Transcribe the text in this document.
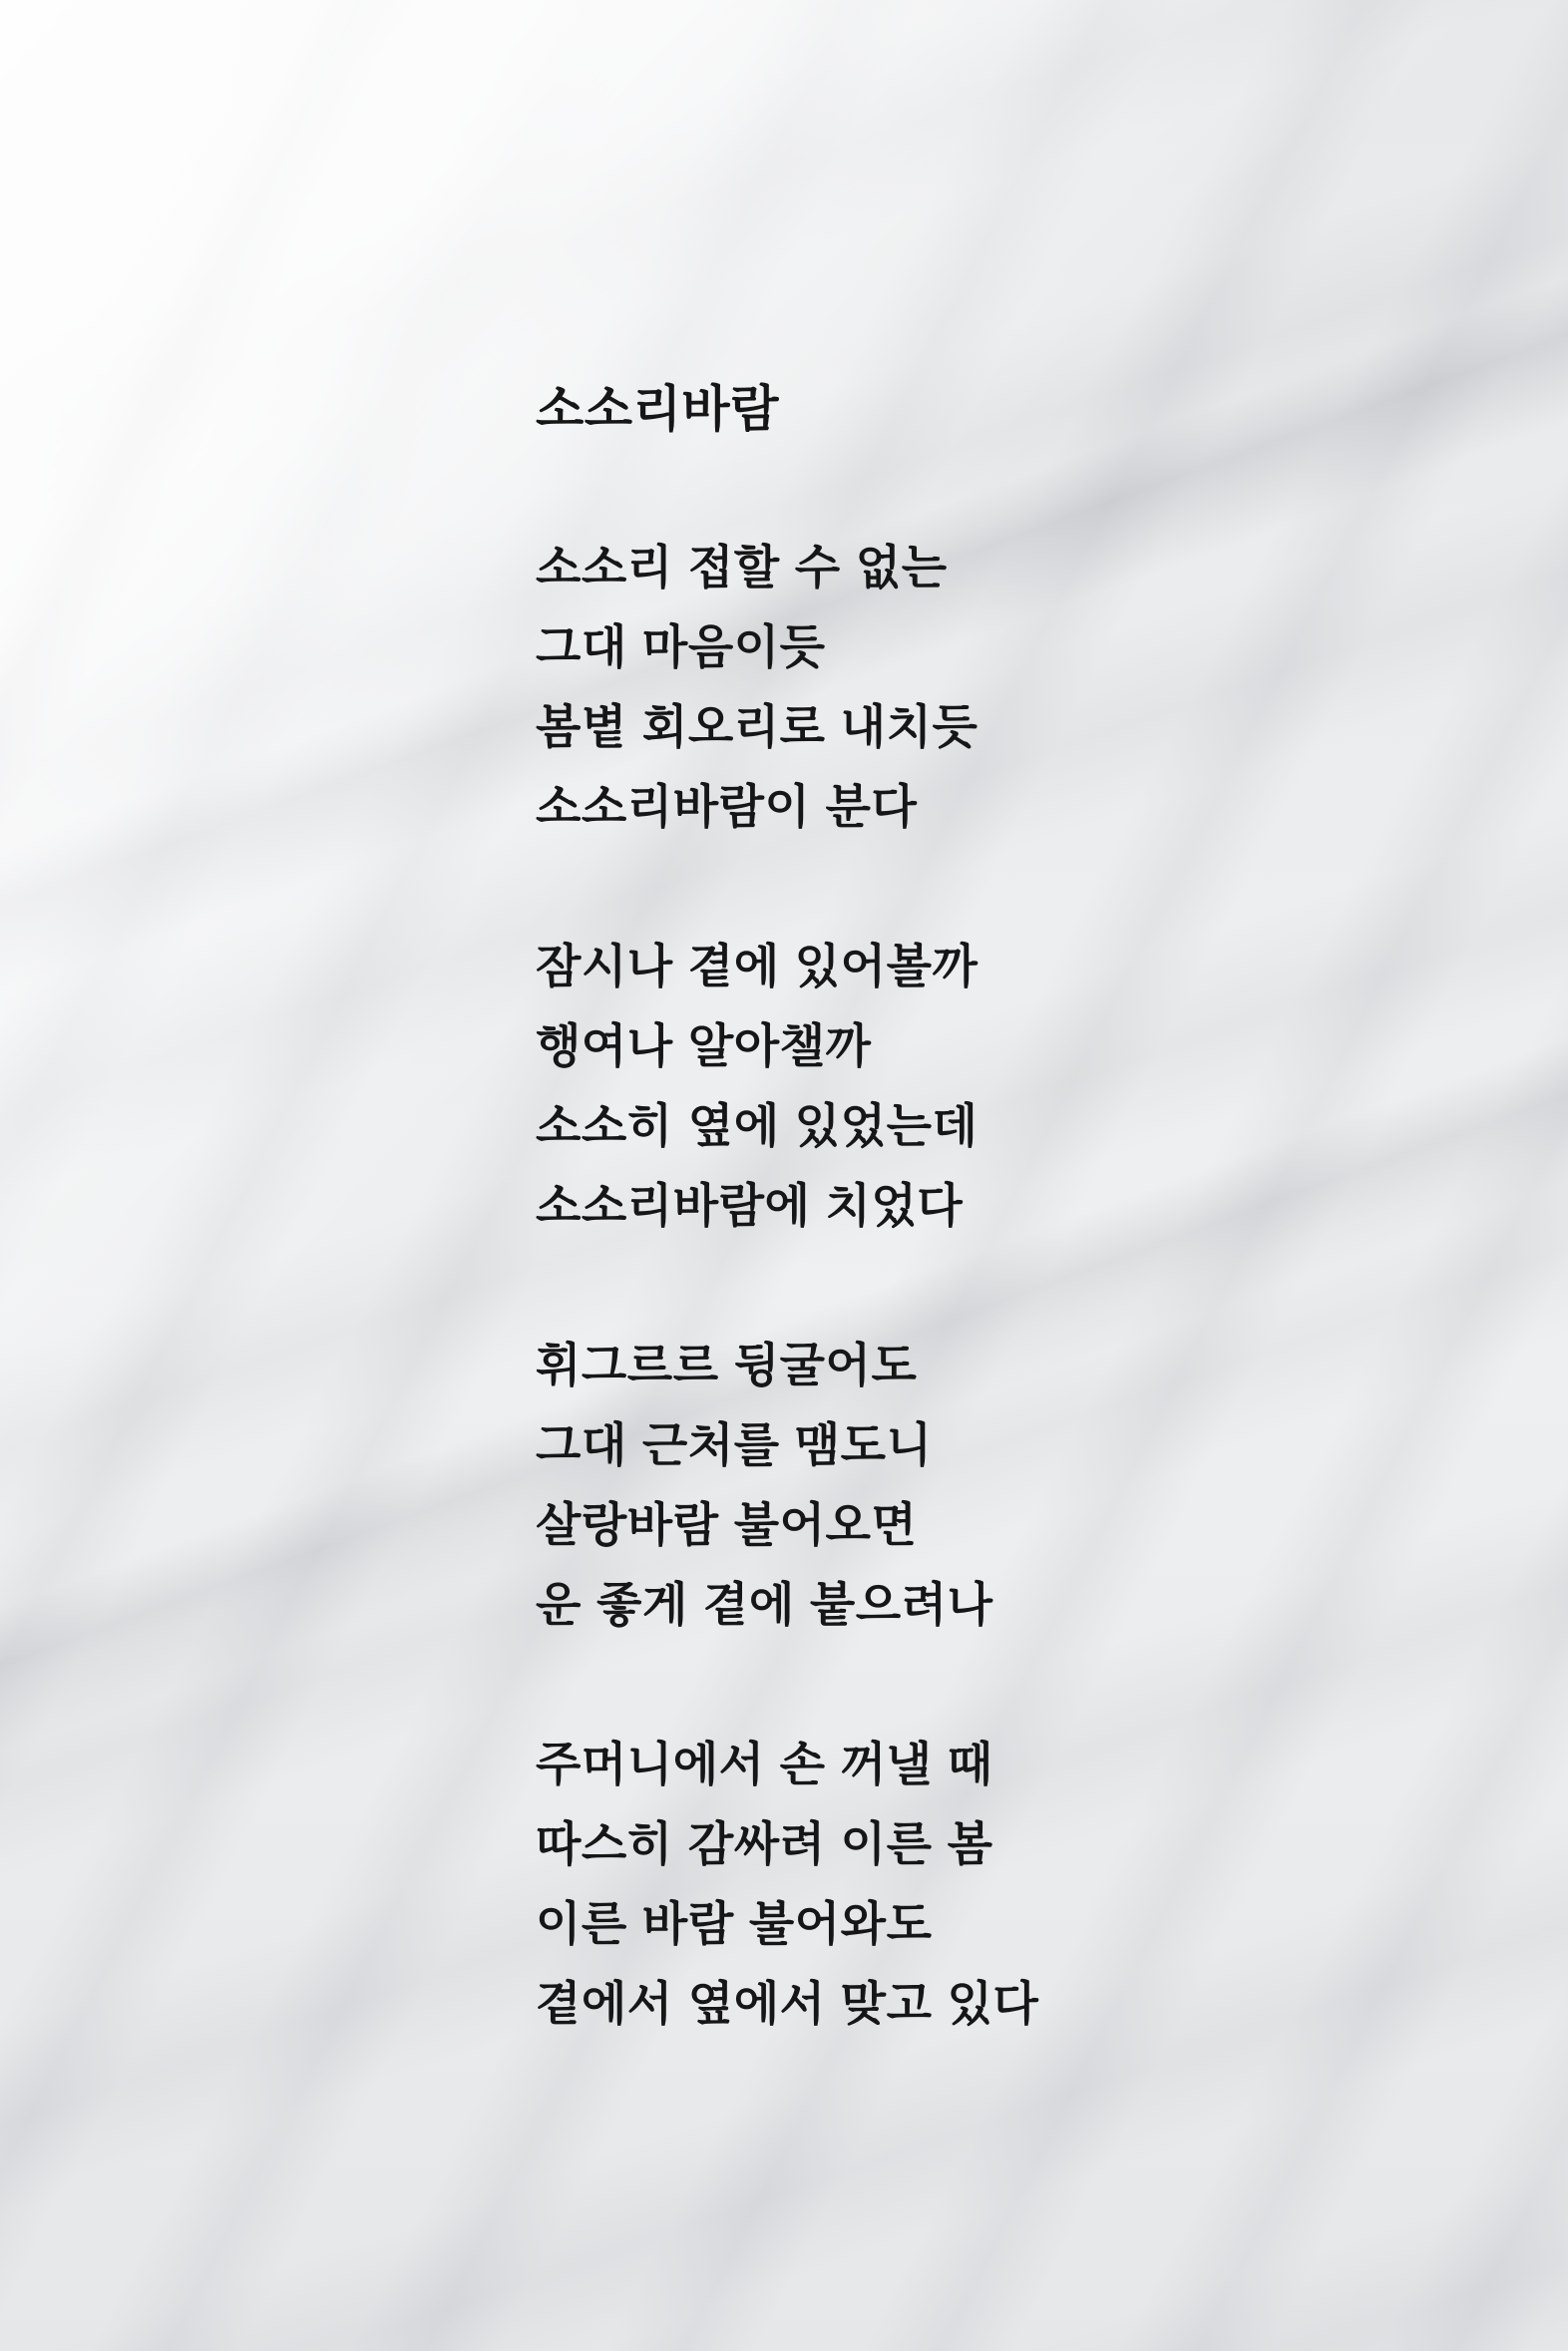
소소리바람

소소리 접할 수 없는

그대 마음이듯

봄볕 회오리로 내치듯

소소리바람이 분다

잠시나 곁에 있어볼까

행여나 알아챌까

소소히 옆에 있었는데

소소리바람에 치었다

휘그르르 뒹굴어도

그대 근처를 맴도니

살랑바람 불어오면

운 좋게 곁에 붙으려나

주머니에서 손 꺼낼 때

따스히 감싸려 이른 봄

이른 바람 불어와도

곁에서 옆에서 맞고 있다
